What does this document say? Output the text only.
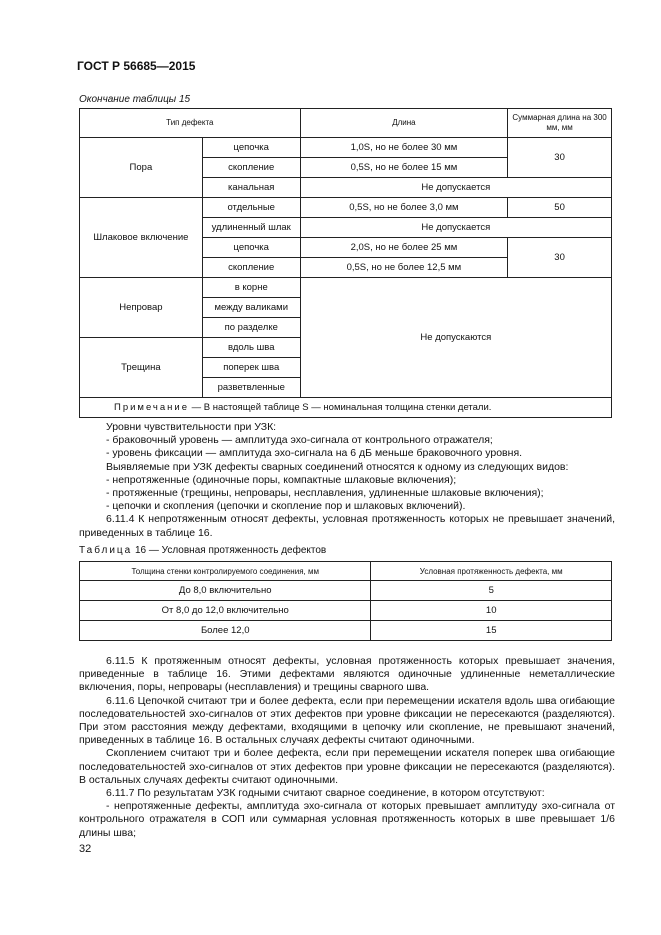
ГОСТ Р 56685—2015
Окончание таблицы 15
Тип дефекта		Длина	Суммарная длина на 300 мм, мм
Пора	цепочка	1,0S, но не более 30 мм	30
	скопление	0,5S, но не более 15 мм	
	канальная	Не допускается	
Шлаковое включение	отдельные	0,5S, но не более 3,0 мм	50
	удлиненный шлак	Не допускается	
	цепочка	2,0S, но не более 25 мм	30
	скопление	0,5S, но не более 12,5 мм	
Непровар	в корне	Не допускаются	
	между валиками		
	по разделке		
Трещина	вдоль шва		
	поперек шва		
	разветвленные		
Примечание — В настоящей таблице S — номинальная толщина стенки детали.			

Уровни чувствительности при УЗК:

- браковочный уровень — амплитуда эхо-сигнала от контрольного отражателя;

- уровень фиксации — амплитуда эхо-сигнала на 6 дБ меньше браковочного уровня.

Выявляемые при УЗК дефекты сварных соединений относятся к одному из следующих видов:

- непротяженные (одиночные поры, компактные шлаковые включения);

- протяженные (трещины, непровары, несплавления, удлиненные шлаковые включения);

- цепочки и скопления (цепочки и скопление пор и шлаковых включений).

6.11.4 К непротяженным относят дефекты, условная протяженность которых не превышает значений, приведенных в таблице 16.

Таблица 16 — Условная протяженность дефектов
Толщина стенки контролируемого соединения, мм	Условная протяженность дефекта, мм
До 8,0 включительно	5
От 8,0 до 12,0 включительно	10
Более 12,0	15

6.11.5 К протяженным относят дефекты, условная протяженность которых превышает значения, приведенные в таблице 16. Этими дефектами являются одиночные удлиненные неметаллические включения, поры, непровары (несплавления) и трещины сварного шва.

6.11.6 Цепочкой считают три и более дефекта, если при перемещении искателя вдоль шва огибающие последовательностей эхо-сигналов от этих дефектов при уровне фиксации не пересекаются (разделяются). При этом расстояния между дефектами, входящими в цепочку или скопление, не превышают значений, приведенных в таблице 16. В остальных случаях дефекты считают одиночными.

Скоплением считают три и более дефекта, если при перемещении искателя поперек шва огибающие последовательностей эхо-сигналов от этих дефектов при уровне фиксации не пересекаются (разделяются). В остальных случаях дефекты считают одиночными.

6.11.7 По результатам УЗК годными считают сварное соединение, в котором отсутствуют:

- непротяженные дефекты, амплитуда эхо-сигнала от которых превышает амплитуду эхо-сигнала от контрольного отражателя в СОП или суммарная условная протяженность которых в шве превышает 1/6 длины шва;

32
